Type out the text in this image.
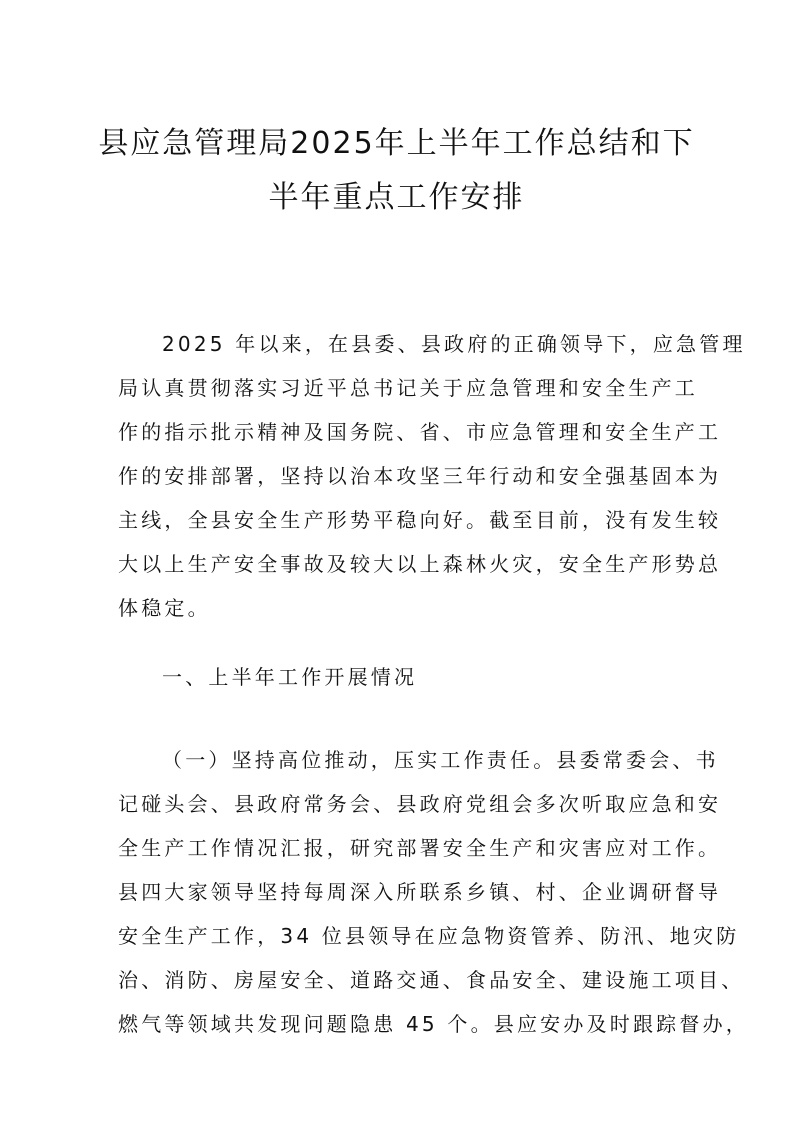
县应急管理局2025年上半年工作总结和下
半年重点工作安排
2025 年以来，在县委、县政府的正确领导下，应急管理
局认真贯彻落实习近平总书记关于应急管理和安全生产工
作的指示批示精神及国务院、省、市应急管理和安全生产工
作的安排部署，坚持以治本攻坚三年行动和安全强基固本为
主线，全县安全生产形势平稳向好。截至目前，没有发生较
大以上生产安全事故及较大以上森林火灾，安全生产形势总
体稳定。
一、上半年工作开展情况
（一）坚持高位推动，压实工作责任。县委常委会、书
记碰头会、县政府常务会、县政府党组会多次听取应急和安
全生产工作情况汇报，研究部署安全生产和灾害应对工作。
县四大家领导坚持每周深入所联系乡镇、村、企业调研督导
安全生产工作，34 位县领导在应急物资管养、防汛、地灾防
治、消防、房屋安全、道路交通、食品安全、建设施工项目、
燃气等领域共发现问题隐患 45 个。县应安办及时跟踪督办，
